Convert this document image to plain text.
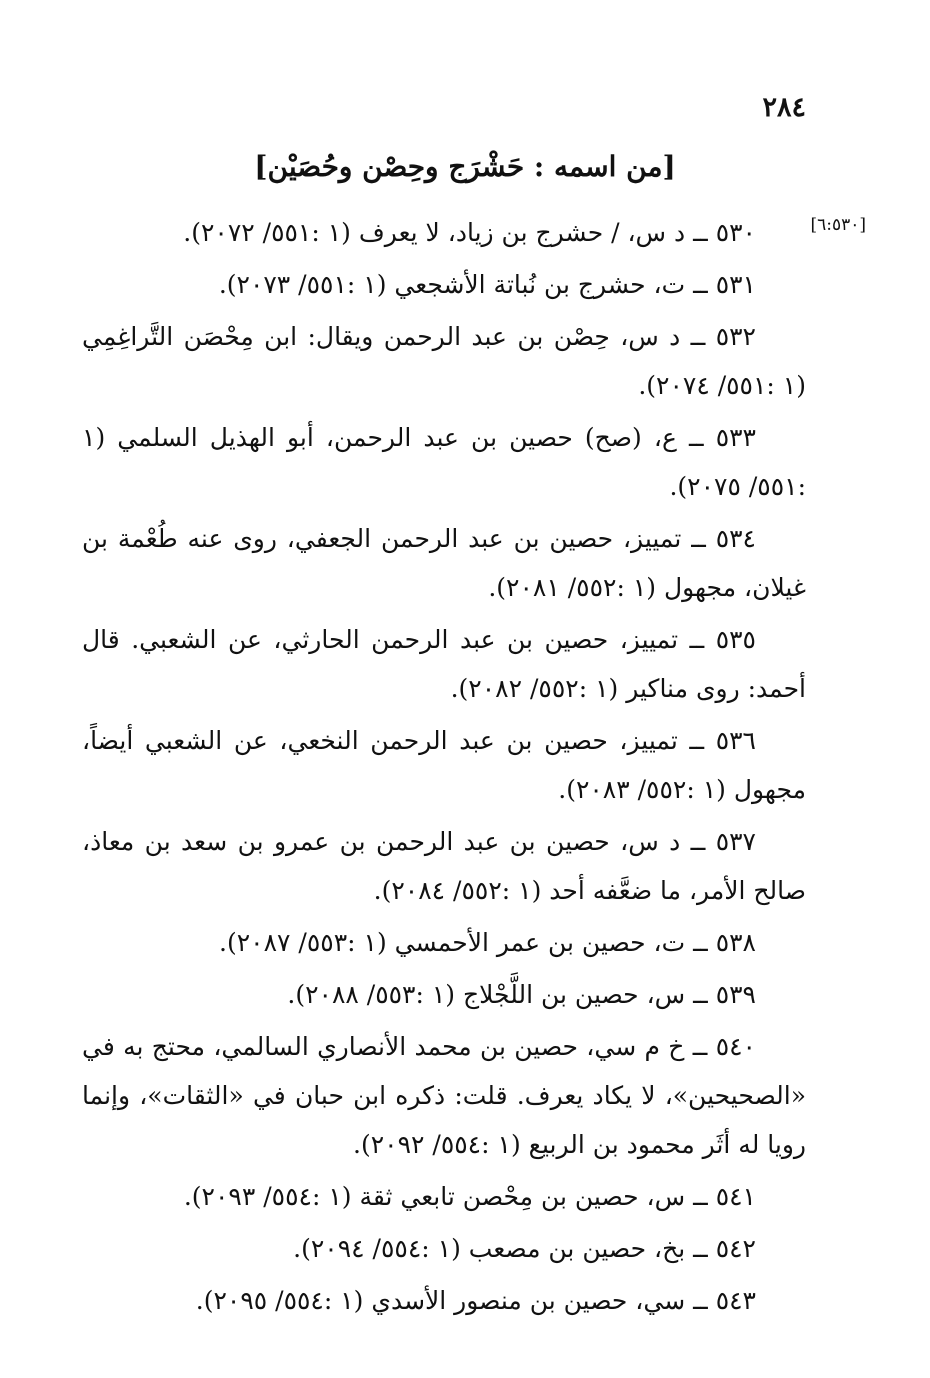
٢٨٤
[من اسمه : حَشْرَج وحِصْن وحُصَيْن]
[٦:٥٣٠]

٥٣٠ ــ د س، / حشرج بن زياد، لا يعرف (١ :٥٥١/ ٢٠٧٢).

٥٣١ ــ ت، حشرج بن نُباتة الأشجعي (١ :٥٥١/ ٢٠٧٣).

٥٣٢ ــ د س، حِصْن بن عبد الرحمن ويقال: ابن مِحْصَن التَّراغِمِي (١ :٥٥١/ ٢٠٧٤).

٥٣٣ ــ ع، (صح) حصين بن عبد الرحمن، أبو الهذيل السلمي (١ :٥٥١/ ٢٠٧٥).

٥٣٤ ــ تمييز، حصين بن عبد الرحمن الجعفي، روى عنه طُعْمة بن غيلان، مجهول (١ :٥٥٢/ ٢٠٨١).

٥٣٥ ــ تمييز، حصين بن عبد الرحمن الحارثي، عن الشعبي. قال أحمد: روى مناكير (١ :٥٥٢/ ٢٠٨٢).

٥٣٦ ــ تمييز، حصين بن عبد الرحمن النخعي، عن الشعبي أيضاً، مجهول (١ :٥٥٢/ ٢٠٨٣).

٥٣٧ ــ د س، حصين بن عبد الرحمن بن عمرو بن سعد بن معاذ، صالح الأمر، ما ضعَّفه أحد (١ :٥٥٢/ ٢٠٨٤).

٥٣٨ ــ ت، حصين بن عمر الأحمسي (١ :٥٥٣/ ٢٠٨٧).

٥٣٩ ــ س، حصين بن اللَّجْلاج (١ :٥٥٣/ ٢٠٨٨).

٥٤٠ ــ خ م سي، حصين بن محمد الأنصاري السالمي، محتج به في «الصحيحين»، لا يكاد يعرف. قلت: ذكره ابن حبان في «الثقات»، وإنما رويا له أثَر محمود بن الربيع (١ :٥٥٤/ ٢٠٩٢).

٥٤١ ــ س، حصين بن مِحْصن تابعي ثقة (١ :٥٥٤/ ٢٠٩٣).

٥٤٢ ــ بخ، حصين بن مصعب (١ :٥٥٤/ ٢٠٩٤).

٥٤٣ ــ سي، حصين بن منصور الأسدي (١ :٥٥٤/ ٢٠٩٥).
